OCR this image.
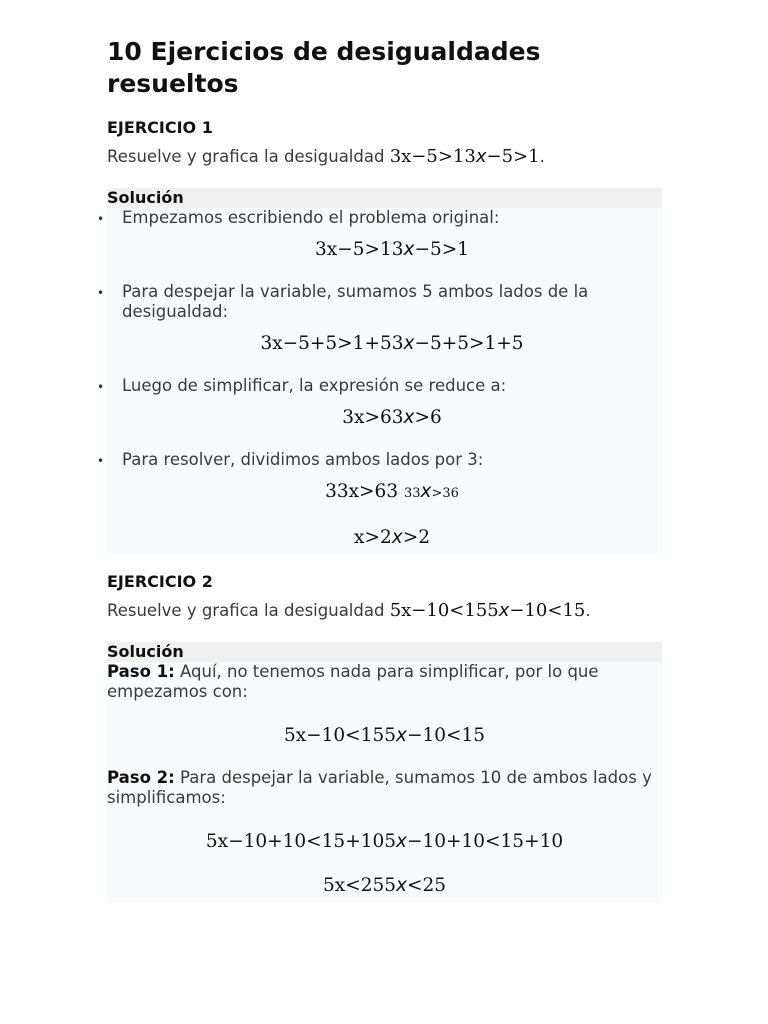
10 Ejercicios de desigualdades resueltos
EJERCICIO 1
Resuelve y grafica la desigualdad 3x−5>13x−5>1.
Solución
• Empezamos escribiendo el problema original:
3x−5>13x−5>1
• Para despejar la variable, sumamos 5 ambos lados de la desigualdad:
3x−5+5>1+53x−5+5>1+5
• Luego de simplificar, la expresión se reduce a:
3x>63x>6
• Para resolver, dividimos ambos lados por 3:
33x>63 33x>36
x>2x>2
EJERCICIO 2
Resuelve y grafica la desigualdad 5x−10<155x−10<15.
Solución
Paso 1: Aquí, no tenemos nada para simplificar, por lo que empezamos con:
5x−10<155x−10<15
Paso 2: Para despejar la variable, sumamos 10 de ambos lados y simplificamos:
5x−10+10<15+105x−10+10<15+10
5x<255x<25
